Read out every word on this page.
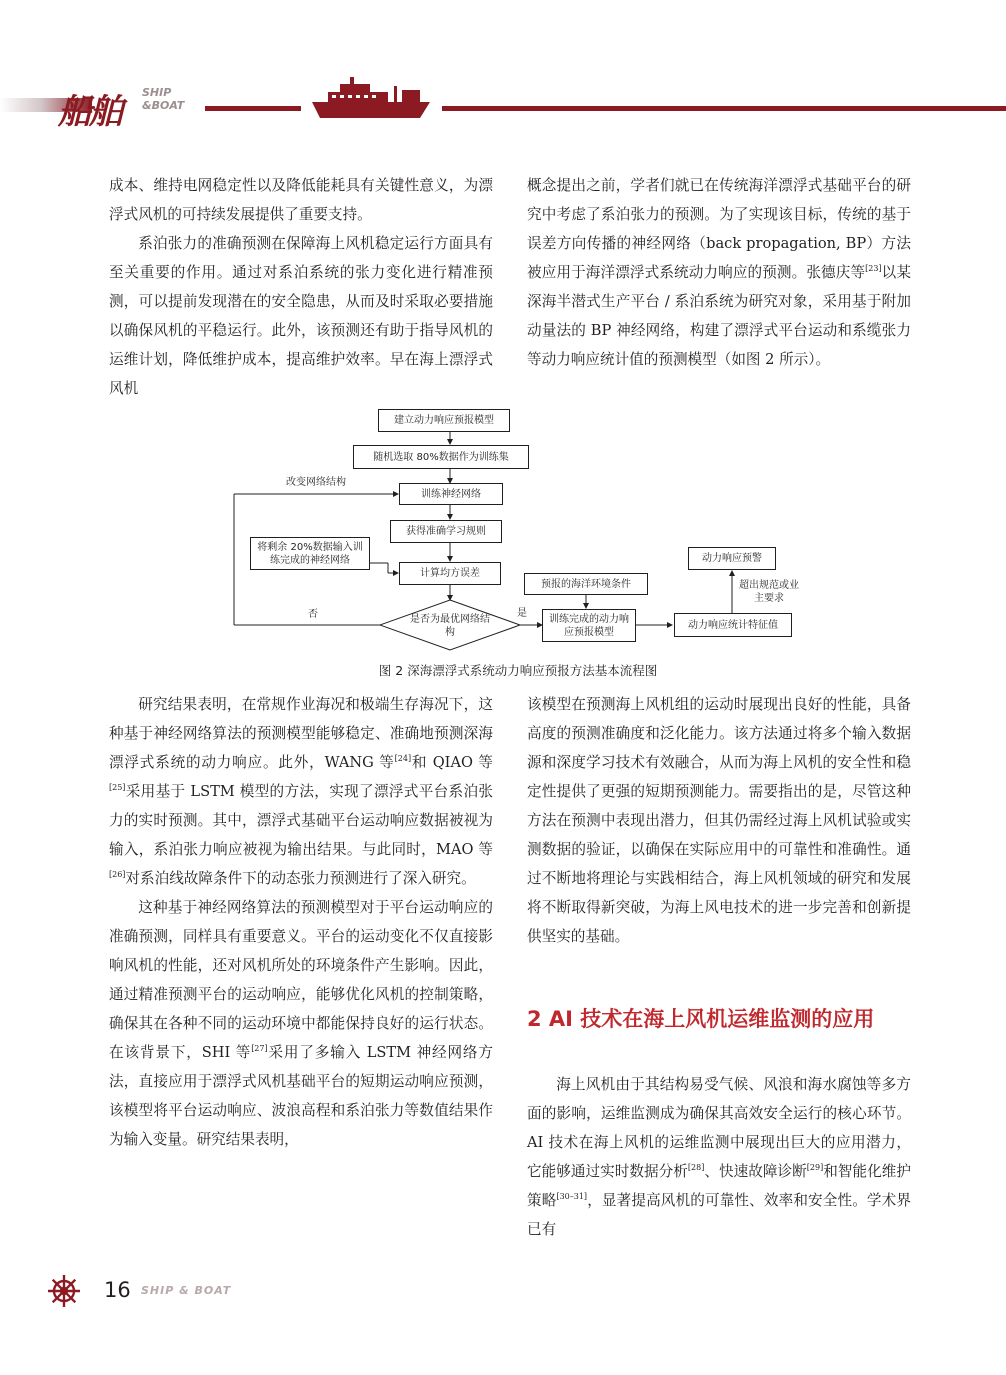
船舶 SHIP
&BOAT

成本、维持电网稳定性以及降低能耗具有关键性意义，为漂浮式风机的可持续发展提供了重要支持。

系泊张力的准确预测在保障海上风机稳定运行方面具有至关重要的作用。通过对系泊系统的张力变化进行精准预测，可以提前发现潜在的安全隐患，从而及时采取必要措施以确保风机的平稳运行。此外，该预测还有助于指导风机的运维计划，降低维护成本，提高维护效率。早在海上漂浮式风机

概念提出之前，学者们就已在传统海洋漂浮式基础平台的研究中考虑了系泊张力的预测。为了实现该目标，传统的基于误差方向传播的神经网络（back propagation, BP）方法被应用于海洋漂浮式系统动力响应的预测。张德庆等[23]以某深海半潜式生产平台 / 系泊系统为研究对象，采用基于附加动量法的 BP 神经网络，构建了漂浮式平台运动和系缆张力等动力响应统计值的预测模型（如图 2 所示）。

建立动力响应预报模型
随机选取 80%数据作为训练集
训练神经网络
获得准确学习规则
将剩余 20%数据输入训练完成的神经网络
计算均方误差
预报的海洋环境条件
训练完成的动力响应预报模型
动力响应统计特征值
动力响应预警
是否为最优网络结构
改变网络结构
否	是
超出规范或业主要求
图 2 深海漂浮式系统动力响应预报方法基本流程图

研究结果表明，在常规作业海况和极端生存海况下，这种基于神经网络算法的预测模型能够稳定、准确地预测深海漂浮式系统的动力响应。此外，WANG 等[24]和 QIAO 等[25]采用基于 LSTM 模型的方法，实现了漂浮式平台系泊张力的实时预测。其中，漂浮式基础平台运动响应数据被视为输入，系泊张力响应被视为输出结果。与此同时，MAO 等[26]对系泊线故障条件下的动态张力预测进行了深入研究。

这种基于神经网络算法的预测模型对于平台运动响应的准确预测，同样具有重要意义。平台的运动变化不仅直接影响风机的性能，还对风机所处的环境条件产生影响。因此，通过精准预测平台的运动响应，能够优化风机的控制策略，确保其在各种不同的运动环境中都能保持良好的运行状态。在该背景下，SHI 等[27]采用了多输入 LSTM 神经网络方法，直接应用于漂浮式风机基础平台的短期运动响应预测，该模型将平台运动响应、波浪高程和系泊张力等数值结果作为输入变量。研究结果表明，

该模型在预测海上风机组的运动时展现出良好的性能，具备高度的预测准确度和泛化能力。该方法通过将多个输入数据源和深度学习技术有效融合，从而为海上风机的安全性和稳定性提供了更强的短期预测能力。需要指出的是，尽管这种方法在预测中表现出潜力，但其仍需经过海上风机试验或实测数据的验证，以确保在实际应用中的可靠性和准确性。通过不断地将理论与实践相结合，海上风机领域的研究和发展将不断取得新突破，为海上风电技术的进一步完善和创新提供坚实的基础。

2 AI 技术在海上风机运维监测的应用

海上风机由于其结构易受气候、风浪和海水腐蚀等多方面的影响，运维监测成为确保其高效安全运行的核心环节。AI 技术在海上风机的运维监测中展现出巨大的应用潜力，它能够通过实时数据分析[28]、快速故障诊断[29]和智能化维护策略[30–31]，显著提高风机的可靠性、效率和安全性。学术界已有

16 SHIP & BOAT
